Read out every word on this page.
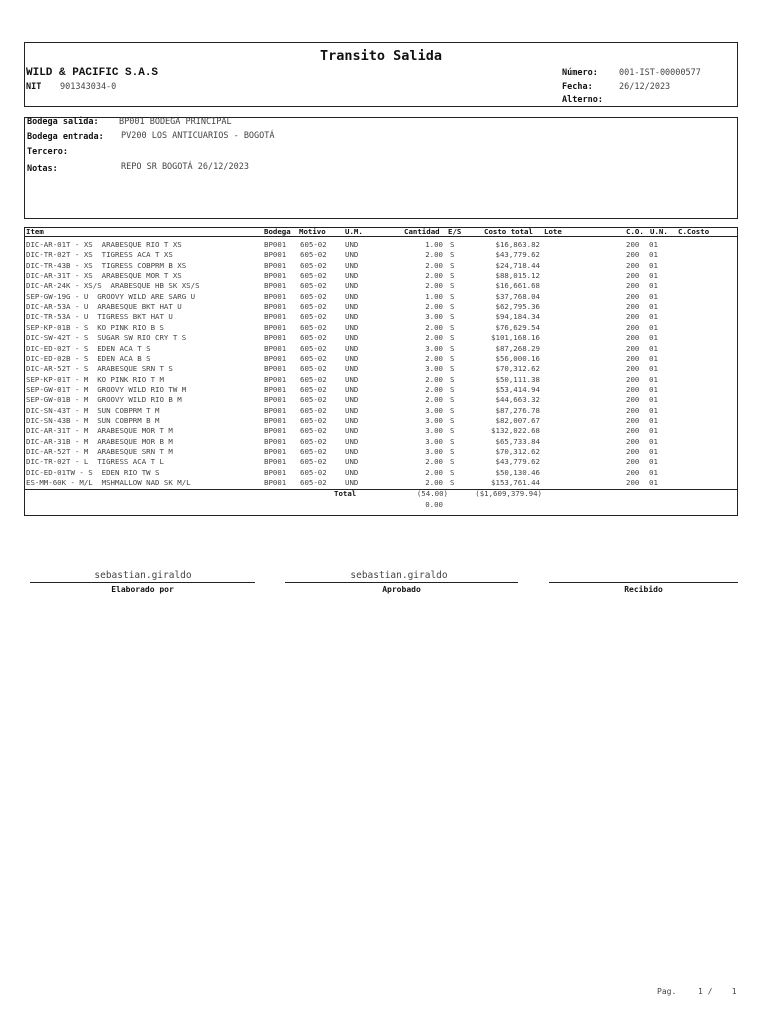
Transito Salida
WILD & PACIFIC S.A.S
NIT 901343034-0
Número: 001-IST-00000577
Fecha:	26/12/2023
Alterno:
Bodega salida: BP001 BODEGA PRINCIPAL
Bodega entrada: PV200 LOS ANTICUARIOS - BOGOTÁ
Tercero:
Notas:	REPO SR BOGOTÁ 26/12/2023
Item	Bodega Motivo	U.M.	Cantidad E/S	Costo total Lote	C.O. U.N. C.Costo
DIC-AR-01T - XS  ARABESQUE RIO T XS	BP001 605-02 UND	1.00 S	$16,863.82	200 01
DIC-TR-02T - XS  TIGRESS ACA T XS	BP001 605-02 UND	2.00 S	$43,779.62	200 01
DIC-TR-43B - XS  TIGRESS COBPRM B XS	BP001 605-02 UND	2.00 S	$24,718.44	200 01
DIC-AR-31T - XS  ARABESQUE MOR T XS	BP001 605-02 UND	2.00 S	$88,015.12	200 01
DIC-AR-24K - XS/S  ARABESQUE HB SK XS/S	BP001 605-02 UND	2.00 S	$16,661.68	200 01
SEP-GW-19G - U  GROOVY WILD ARE SARG U	BP001 605-02 UND	1.00 S	$37,768.04	200 01
DIC-AR-53A - U  ARABESQUE BKT HAT U	BP001 605-02 UND	2.00 S	$62,795.36	200 01
DIC-TR-53A - U  TIGRESS BKT HAT U	BP001 605-02 UND	3.00 S	$94,184.34	200 01
SEP-KP-01B - S  KO PINK RIO B S	BP001 605-02 UND	2.00 S	$76,629.54	200 01
DIC-SW-42T - S  SUGAR SW RIO CRY T S	BP001 605-02 UND	2.00 S	$101,168.16	200 01
DIC-ED-02T - S  EDEN ACA T S	BP001 605-02 UND	3.00 S	$87,268.29	200 01
DIC-ED-02B - S  EDEN ACA B S	BP001 605-02 UND	2.00 S	$56,000.16	200 01
DIC-AR-52T - S  ARABESQUE SRN T S	BP001 605-02 UND	3.00 S	$70,312.62	200 01
SEP-KP-01T - M  KO PINK RIO T M	BP001 605-02 UND	2.00 S	$50,111.38	200 01
SEP-GW-01T - M  GROOVY WILD RIO TW M	BP001 605-02 UND	2.00 S	$53,414.94	200 01
SEP-GW-01B - M  GROOVY WILD RIO B M	BP001 605-02 UND	2.00 S	$44,663.32	200 01
DIC-SN-43T - M  SUN COBPRM T M	BP001 605-02 UND	3.00 S	$87,276.78	200 01
DIC-SN-43B - M  SUN COBPRM B M	BP001 605-02 UND	3.00 S	$82,007.67	200 01
DIC-AR-31T - M  ARABESQUE MOR T M	BP001 605-02 UND	3.00 S	$132,022.68	200 01
DIC-AR-31B - M  ARABESQUE MOR B M	BP001 605-02 UND	3.00 S	$65,733.84	200 01
DIC-AR-52T - M  ARABESQUE SRN T M	BP001 605-02 UND	3.00 S	$70,312.62	200 01
DIC-TR-02T - L  TIGRESS ACA T L	BP001 605-02 UND	2.00 S	$43,779.62	200 01
DIC-ED-01TW - S  EDEN RIO TW S	BP001 605-02 UND	2.00 S	$50,130.46	200 01
ES-MM-60K - M/L  MSHMALLOW NAD SK M/L	BP001 605-02 UND	2.00 S	$153,761.44	200 01
Total	(54.00)	($1,609,379.94)
0.00
sebastian.giraldo
Elaborado por
sebastian.giraldo
Aprobado	Recibido
Pag.	1 /    1
